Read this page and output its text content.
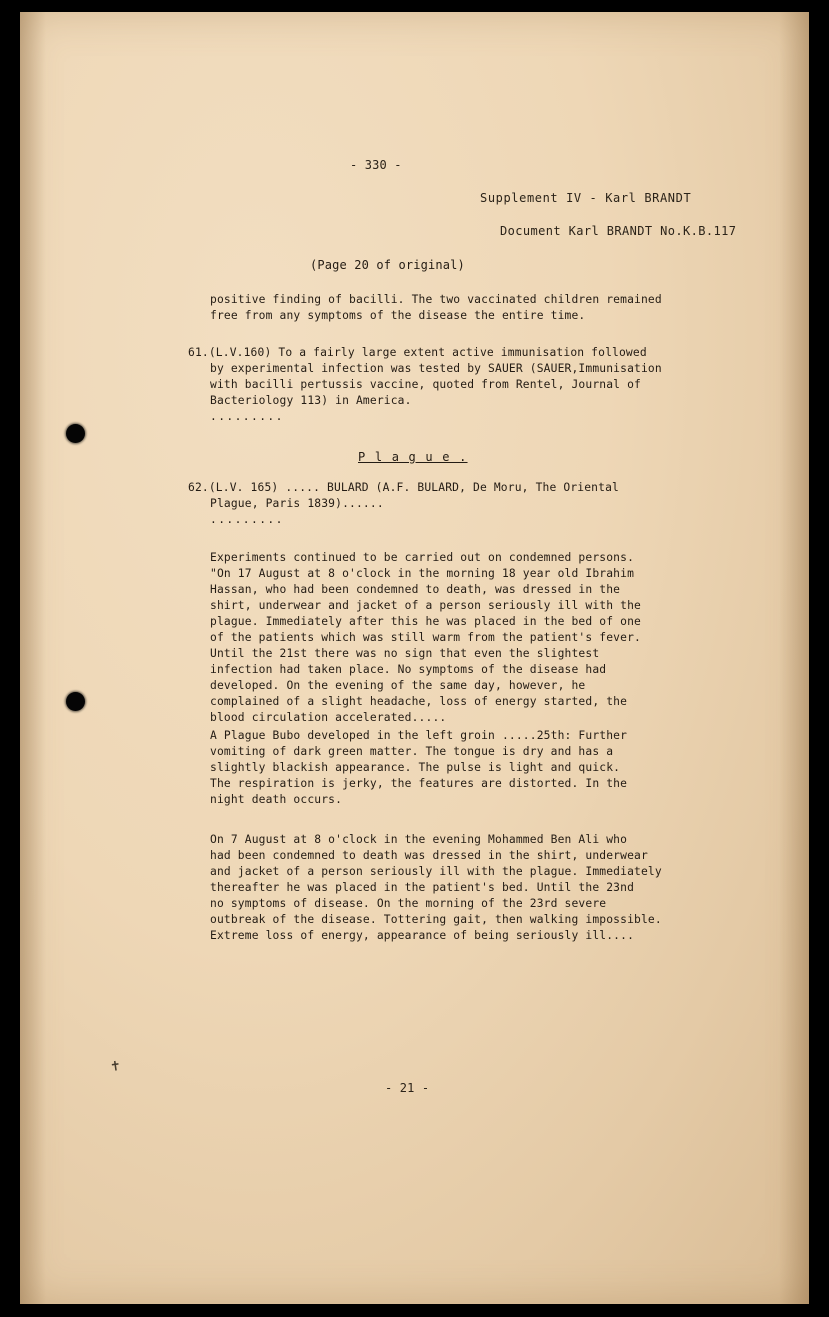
- 330 -
Supplement IV - Karl BRANDT
Document Karl BRANDT No.K.B.117
(Page 20 of original)
positive finding of bacilli. The two vaccinated children remained
free from any symptoms of the disease the entire time.
61.(L.V.160) To a fairly large extent active immunisation followed
by experimental infection was tested by SAUER (SAUER,Immunisation
with bacilli pertussis vaccine, quoted from Rentel, Journal of
Bacteriology 113) in America.
.........
P l a g u e .
62.(L.V. 165) ..... BULARD (A.F. BULARD, De Moru, The Oriental
Plague, Paris 1839)......
.........
Experiments continued to be carried out on condemned persons.
"On 17 August at 8 o'clock in the morning 18 year old Ibrahim
Hassan, who had been condemned to death, was dressed in the
shirt, underwear and jacket of a person seriously ill with the
plague. Immediately after this he was placed in the bed of one
of the patients which was still warm from the patient's fever.
Until the 21st there was no sign that even the slightest
infection had taken place. No symptoms of the disease had
developed. On the evening of the same day, however, he
complained of a slight headache, loss of energy started, the
blood circulation accelerated.....
A Plague Bubo developed in the left groin .....25th: Further
vomiting of dark green matter. The tongue is dry and has a
slightly blackish appearance. The pulse is light and quick.
The respiration is jerky, the features are distorted. In the
night death occurs.
On 7 August at 8 o'clock in the evening Mohammed Ben Ali who
had been condemned to death was dressed in the shirt, underwear
and jacket of a person seriously ill with the plague. Immediately
thereafter he was placed in the patient's bed. Until the 23nd
no symptoms of disease. On the morning of the 23rd severe
outbreak of the disease. Tottering gait, then walking impossible.
Extreme loss of energy, appearance of being seriously ill....
- 21 -
✝
